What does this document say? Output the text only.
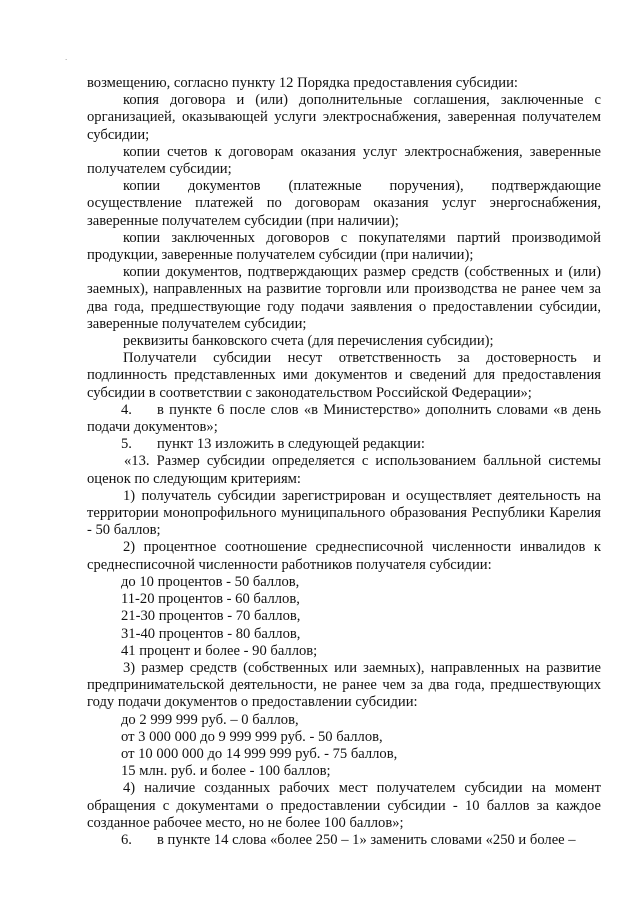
·

возмещению, согласно пункту 12 Порядка предоставления субсидии:

копия договора и (или) дополнительные соглашения, заключенные с организацией, оказывающей услуги электроснабжения, заверенная получателем субсидии;

копии счетов к договорам оказания услуг электроснабжения, заверенные получателем субсидии;

копии документов (платежные поручения), подтверждающие осуществление платежей по договорам оказания услуг энергоснабжения, заверенные получателем субсидии (при наличии);

копии заключенных договоров с покупателями партий производимой продукции, заверенные получателем субсидии (при наличии);

копии документов, подтверждающих размер средств (собственных и (или) заемных), направленных на развитие торговли или производства не ранее чем за два года, предшествующие году подачи заявления о предоставлении субсидии, заверенные получателем субсидии;

реквизиты банковского счета (для перечисления субсидии);

Получатели субсидии несут ответственность за достоверность и подлинность представленных ими документов и сведений для предоставления субсидии в соответствии с законодательством Российской Федерации»;

4. в пункте 6 после слов «в Министерство» дополнить словами «в день подачи документов»;

5. пункт 13 изложить в следующей редакции:

«13. Размер субсидии определяется с использованием балльной системы оценок по следующим критериям:

1) получатель субсидии зарегистрирован и осуществляет деятельность на территории монопрофильного муниципального образования Республики Карелия - 50 баллов;

2) процентное соотношение среднесписочной численности инвалидов к среднесписочной численности работников получателя субсидии:

до 10 процентов - 50 баллов,

11-20 процентов - 60 баллов,

21-30 процентов - 70 баллов,

31-40 процентов - 80 баллов,

41 процент и более - 90 баллов;

3) размер средств (собственных или заемных), направленных на развитие предпринимательской деятельности, не ранее чем за два года, предшествующих году подачи документов о предоставлении субсидии:

до 2 999 999 руб. – 0 баллов,

от 3 000 000 до 9 999 999 руб. - 50 баллов,

от 10 000 000 до 14 999 999 руб. - 75 баллов,

15 млн. руб. и более - 100 баллов;

4) наличие созданных рабочих мест получателем субсидии на момент обращения с документами о предоставлении субсидии - 10 баллов за каждое созданное рабочее место, но не более 100 баллов»;

6. в пункте 14 слова «более 250 – 1» заменить словами «250 и более –
